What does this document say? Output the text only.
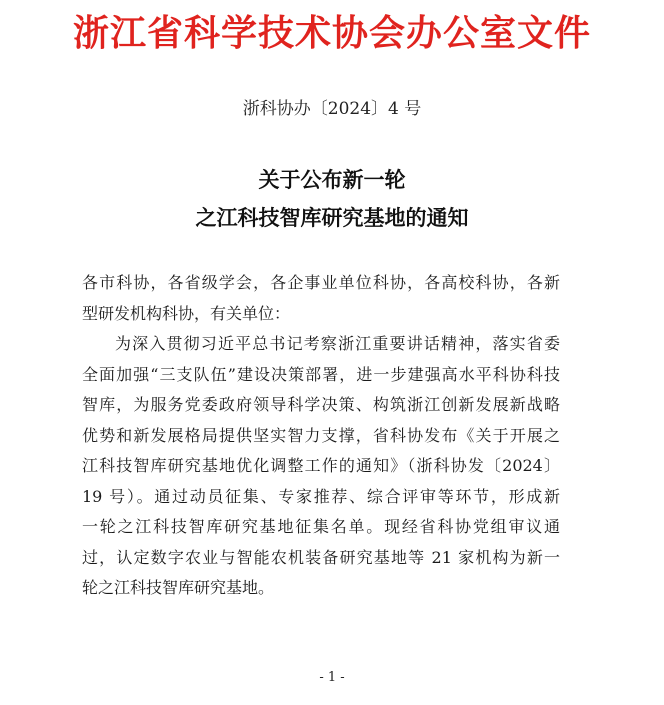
浙江省科学技术协会办公室文件
浙科协办〔2024〕4 号
关于公布新一轮
之江科技智库研究基地的通知
各市科协，各省级学会，各企事业单位科协，各高校科协，各新
型研发机构科协，有关单位：
为深入贯彻习近平总书记考察浙江重要讲话精神，落实省委
全面加强“三支队伍”建设决策部署，进一步建强高水平科协科技
智库，为服务党委政府领导科学决策、构筑浙江创新发展新战略
优势和新发展格局提供坚实智力支撑，省科协发布《关于开展之
江科技智库研究基地优化调整工作的通知》（浙科协发〔2024〕
19 号）。通过动员征集、专家推荐、综合评审等环节，形成新
一轮之江科技智库研究基地征集名单。现经省科协党组审议通
过，认定数字农业与智能农机装备研究基地等 21 家机构为新一
轮之江科技智库研究基地。
- 1 -
